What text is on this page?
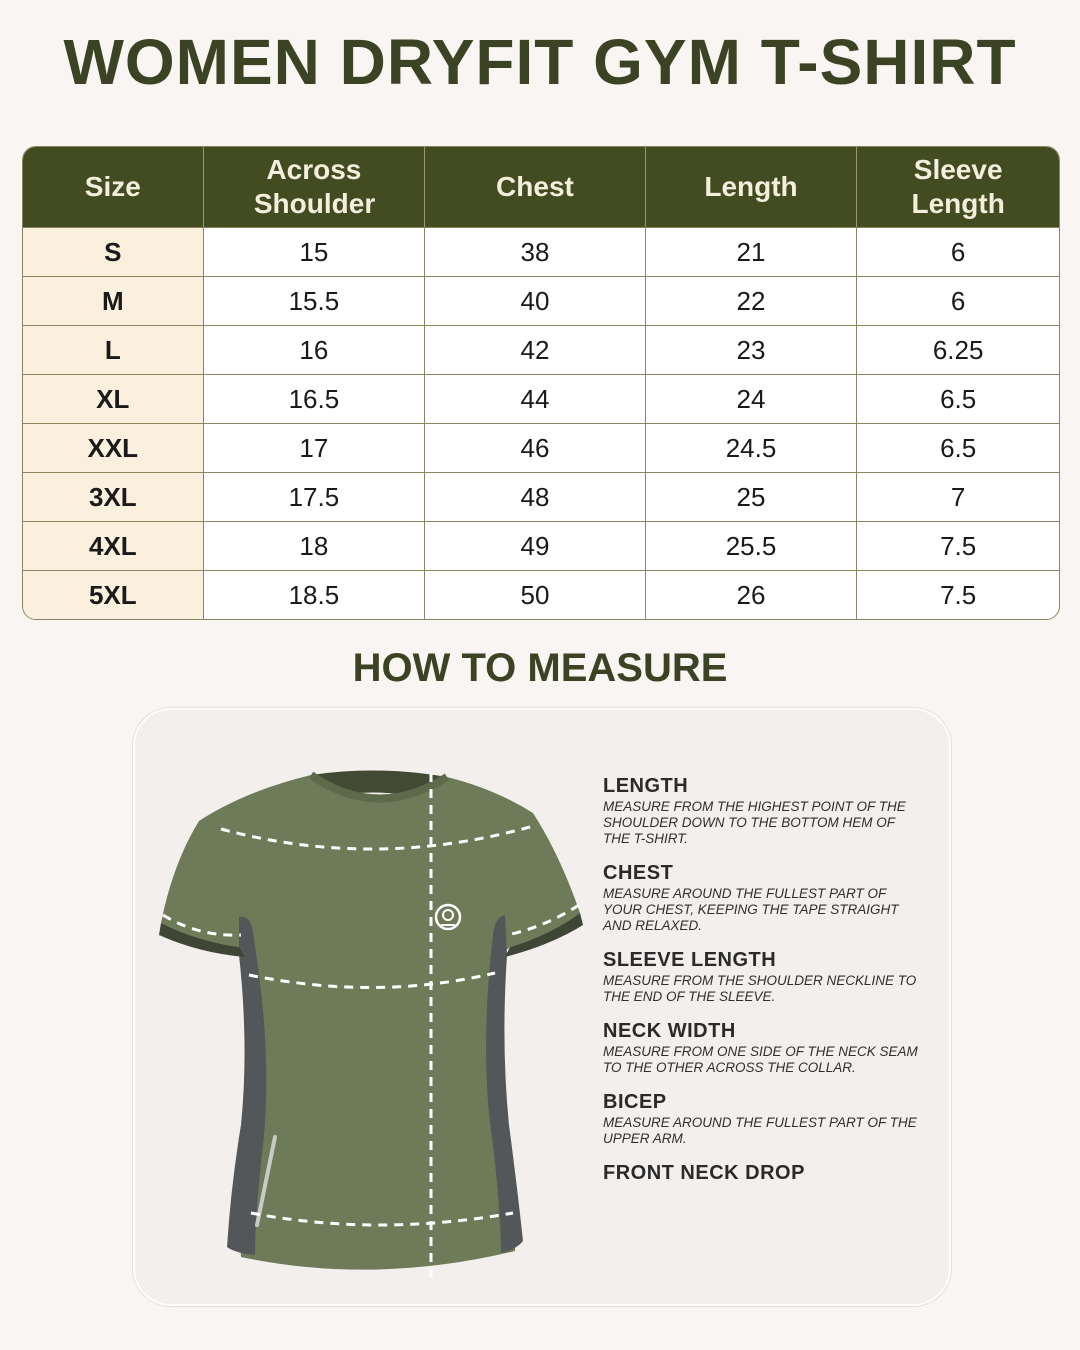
WOMEN DRYFIT GYM T-SHIRT
Size	Across Shoulder	Chest	Length	Sleeve Length
S	15	38	21	6
M	15.5	40	22	6
L	16	42	23	6.25
XL	16.5	44	24	6.5
XXL	17	46	24.5	6.5
3XL	17.5	48	25	7
4XL	18	49	25.5	7.5
5XL	18.5	50	26	7.5
HOW TO MEASURE
LENGTH
MEASURE FROM THE HIGHEST POINT OF THE SHOULDER DOWN TO THE BOTTOM HEM OF THE T-SHIRT.
CHEST
MEASURE AROUND THE FULLEST PART OF YOUR CHEST, KEEPING THE TAPE STRAIGHT AND RELAXED.
SLEEVE LENGTH
MEASURE FROM THE SHOULDER NECKLINE TO THE END OF THE SLEEVE.
NECK WIDTH
MEASURE FROM ONE SIDE OF THE NECK SEAM TO THE OTHER ACROSS THE COLLAR.
BICEP
MEASURE AROUND THE FULLEST PART OF THE UPPER ARM.
FRONT NECK DROP
